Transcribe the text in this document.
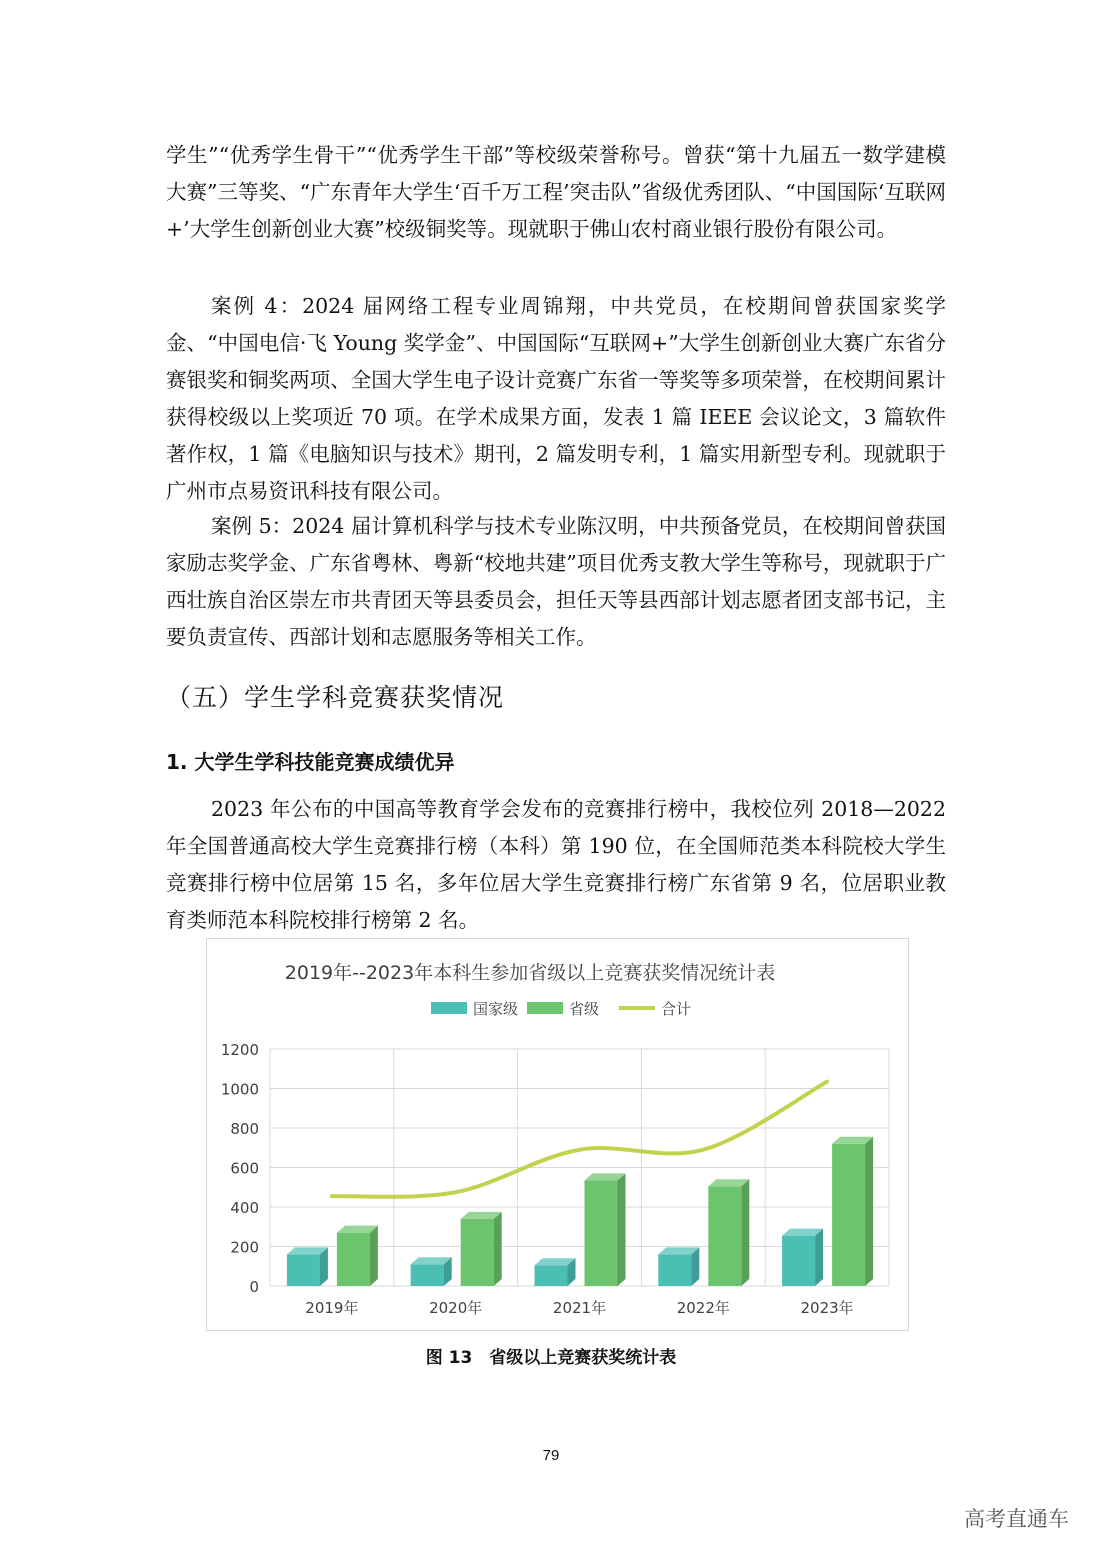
学生”“优秀学生骨干”“优秀学生干部”等校级荣誉称号。曾获“第十九届五一数学建模大赛”三等奖、“广东青年大学生‘百千万工程’突击队”省级优秀团队、“中国国际‘互联网+’大学生创新创业大赛”校级铜奖等。现就职于佛山农村商业银行股份有限公司。

案例 4：2024 届网络工程专业周锦翔，中共党员，在校期间曾获国家奖学金、“中国电信·飞 Young 奖学金”、中国国际“互联网+”大学生创新创业大赛广东省分赛银奖和铜奖两项、全国大学生电子设计竞赛广东省一等奖等多项荣誉，在校期间累计获得校级以上奖项近 70 项。在学术成果方面，发表 1 篇 IEEE 会议论文，3 篇软件著作权，1 篇《电脑知识与技术》期刊，2 篇发明专利，1 篇实用新型专利。现就职于广州市点易资讯科技有限公司。

案例 5：2024 届计算机科学与技术专业陈汉明，中共预备党员，在校期间曾获国家励志奖学金、广东省粤林、粤新“校地共建”项目优秀支教大学生等称号，现就职于广西壮族自治区崇左市共青团天等县委员会，担任天等县西部计划志愿者团支部书记，主要负责宣传、西部计划和志愿服务等相关工作。

（五）学生学科竞赛获奖情况
1. 大学生学科技能竞赛成绩优异

2023 年公布的中国高等教育学会发布的竞赛排行榜中，我校位列 2018—2022 年全国普通高校大学生竞赛排行榜（本科）第 190 位，在全国师范类本科院校大学生竞赛排行榜中位居第 15 名，多年位居大学生竞赛排行榜广东省第 9 名，位居职业教育类师范本科院校排行榜第 2 名。

2019年--2023年本科生参加省级以上竞赛获奖情况统计表
国家级	省级	合计
0
200
400
600
800
1000
1200
2019年	2020年	2021年	2022年	2023年

图 13　省级以上竞赛获奖统计表

79
高考直通车
